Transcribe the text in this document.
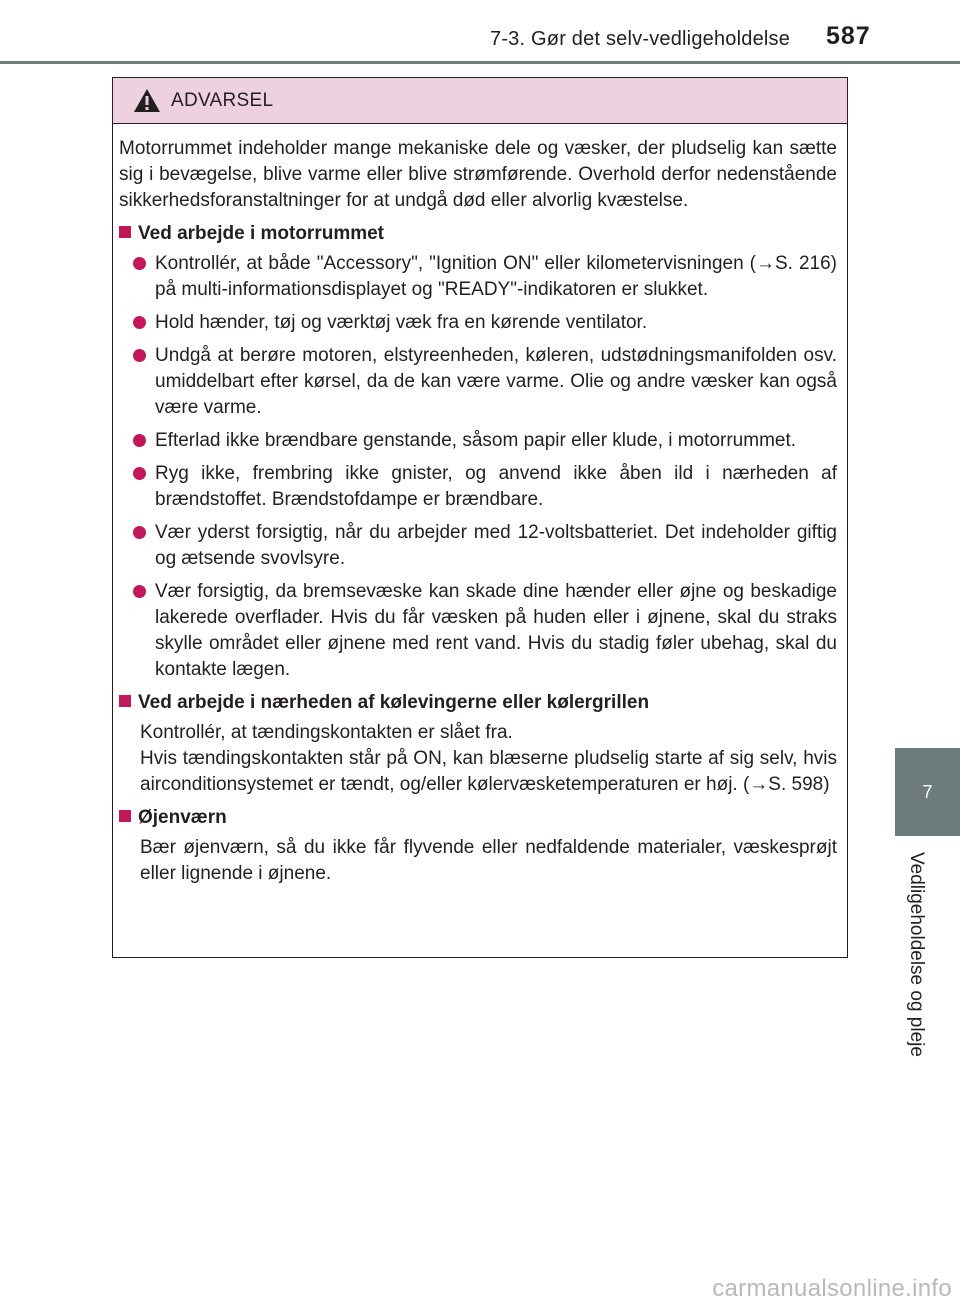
7-3. Gør det selv-vedligeholdelse 587
7
Vedligeholdelse og pleje
ADVARSEL

Motorrummet indeholder mange mekaniske dele og væsker, der pludselig kan sætte sig i bevægelse, blive varme eller blive strømførende. Overhold derfor nedenstående sikkerhedsforanstaltninger for at undgå død eller alvorlig kvæstelse.

Ved arbejde i motorrummet
Kontrollér, at både "Accessory", "Ignition ON" eller kilometervisningen (→S. 216) på multi-informationsdisplayet og "READY"-indikatoren er slukket.
Hold hænder, tøj og værktøj væk fra en kørende ventilator.
Undgå at berøre motoren, elstyreenheden, køleren, udstødningsmanifolden osv. umiddelbart efter kørsel, da de kan være varme. Olie og andre væsker kan også være varme.
Efterlad ikke brændbare genstande, såsom papir eller klude, i motorrummet.
Ryg ikke, frembring ikke gnister, og anvend ikke åben ild i nærheden af brændstoffet. Brændstofdampe er brændbare.
Vær yderst forsigtig, når du arbejder med 12-voltsbatteriet. Det indeholder giftig og ætsende svovlsyre.
Vær forsigtig, da bremsevæske kan skade dine hænder eller øjne og beskadige lakerede overflader. Hvis du får væsken på huden eller i øjnene, skal du straks skylle området eller øjnene med rent vand. Hvis du stadig føler ubehag, skal du kontakte lægen.
Ved arbejde i nærheden af kølevingerne eller kølergrillen

Kontrollér, at tændingskontakten er slået fra.

Hvis tændingskontakten står på ON, kan blæserne pludselig starte af sig selv, hvis airconditionsystemet er tændt, og/eller kølervæsketemperaturen er høj. (→S. 598)

Øjenværn

Bær øjenværn, så du ikke får flyvende eller nedfaldende materialer, væskesprøjt eller lignende i øjnene.

carmanualsonline.info
